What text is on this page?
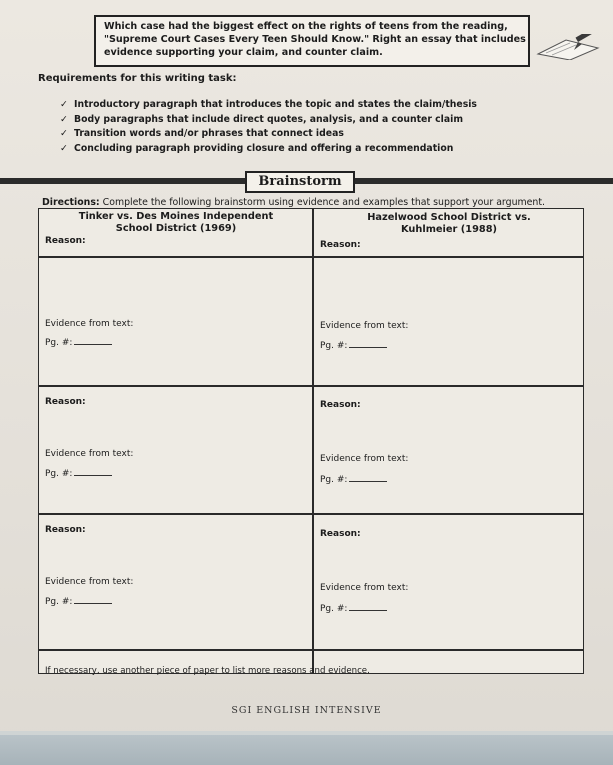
Which case had the biggest effect on the rights of teens from the reading,
"Supreme Court Cases Every Teen Should Know." Right an essay that includes
evidence supporting your claim, and counter claim.
Requirements for this writing task:
✓ Introductory paragraph that introduces the topic and states the claim/thesis
✓ Body paragraphs that include direct quotes, analysis, and a counter claim
✓ Transition words and/or phrases that connect ideas
✓ Concluding paragraph providing closure and offering a recommendation
Brainstorm
Directions: Complete the following brainstorm using evidence and examples that support your argument.
Tinker vs. Des Moines Independent
School District (1969)
Hazelwood School District vs.
Kuhlmeier (1988)
Reason:
Evidence from text:
Pg. #:
Reason:
Evidence from text:
Pg. #:
Reason:
Evidence from text:
Pg. #:
Reason:
Evidence from text:
Pg. #:
Reason:
Evidence from text:
Pg. #:
Reason:
Evidence from text:
Pg. #:
If necessary, use another piece of paper to list more reasons and evidence.
SGI ENGLISH INTENSIVE
